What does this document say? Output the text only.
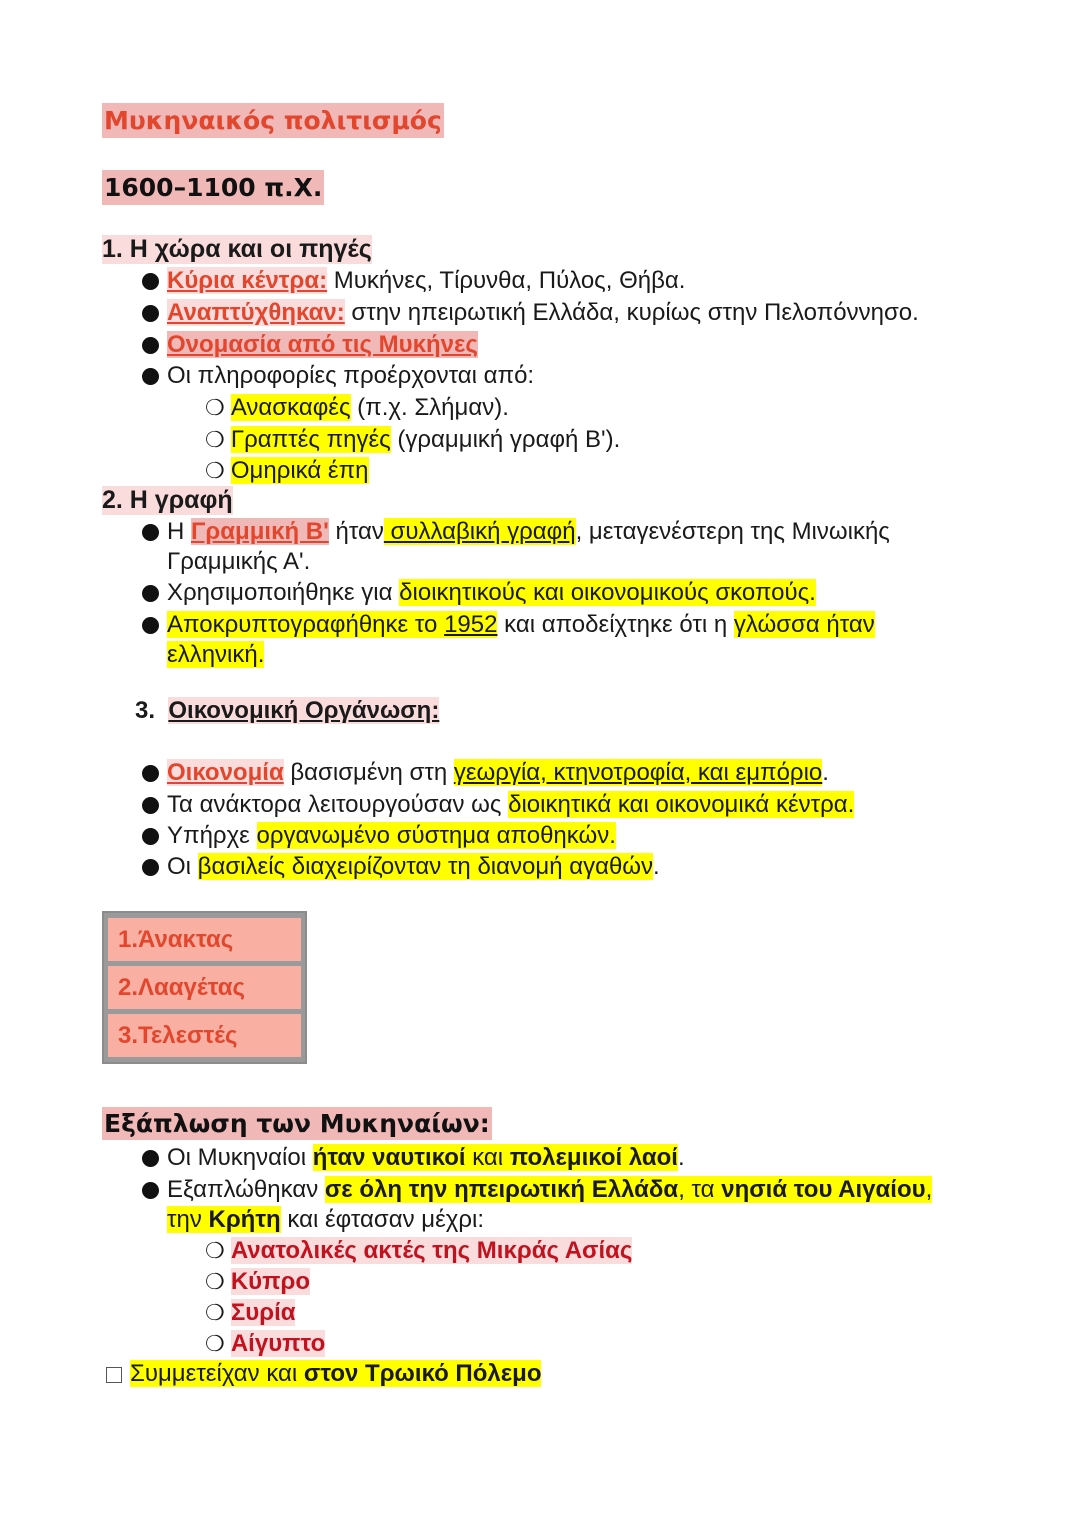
Μυκηναικός πολιτισμός
1600–1100 π.Χ.
1. Η χώρα και οι πηγές
Κύρια κέντρα: Μυκήνες, Τίρυνθα, Πύλος, Θήβα.
Αναπτύχθηκαν: στην ηπειρωτική Ελλάδα, κυρίως στην Πελοπόννησο.
Ονομασία από τις Μυκήνες
Οι πληροφορίες προέρχονται από:
❍ Ανασκαφές (π.χ. Σλήμαν).
❍ Γραπτές πηγές (γραμμική γραφή Β').
❍ Ομηρικά έπη
2. Η γραφή
Η Γραμμική Β' ήταν συλλαβική γραφή, μεταγενέστερη της Μινωικής
Γραμμικής Α'.
Χρησιμοποιήθηκε για διοικητικούς και οικονομικούς σκοπούς.
Αποκρυπτογραφήθηκε το 1952 και αποδείχτηκε ότι η γλώσσα ήταν
ελληνική.
3. Οικονομική Οργάνωση:
Οικονομία βασισμένη στη γεωργία, κτηνοτροφία, και εμπόριο.
Τα ανάκτορα λειτουργούσαν ως διοικητικά και οικονομικά κέντρα.
Υπήρχε οργανωμένο σύστημα αποθηκών.
Οι βασιλείς διαχειρίζονταν τη διανομή αγαθών.
1.Άνακτας
2.Λααγέτας
3.Τελεστές
Εξάπλωση των Μυκηναίων:
Οι Μυκηναίοι ήταν ναυτικοί και πολεμικοί λαοί.
Εξαπλώθηκαν σε όλη την ηπειρωτική Ελλάδα, τα νησιά του Αιγαίου,
την Κρήτη και έφτασαν μέχρι:
❍ Ανατολικές ακτές της Μικράς Ασίας
❍ Κύπρο
❍ Συρία
❍ Αίγυπτο
Συμμετείχαν και στον Τρωικό Πόλεμο
